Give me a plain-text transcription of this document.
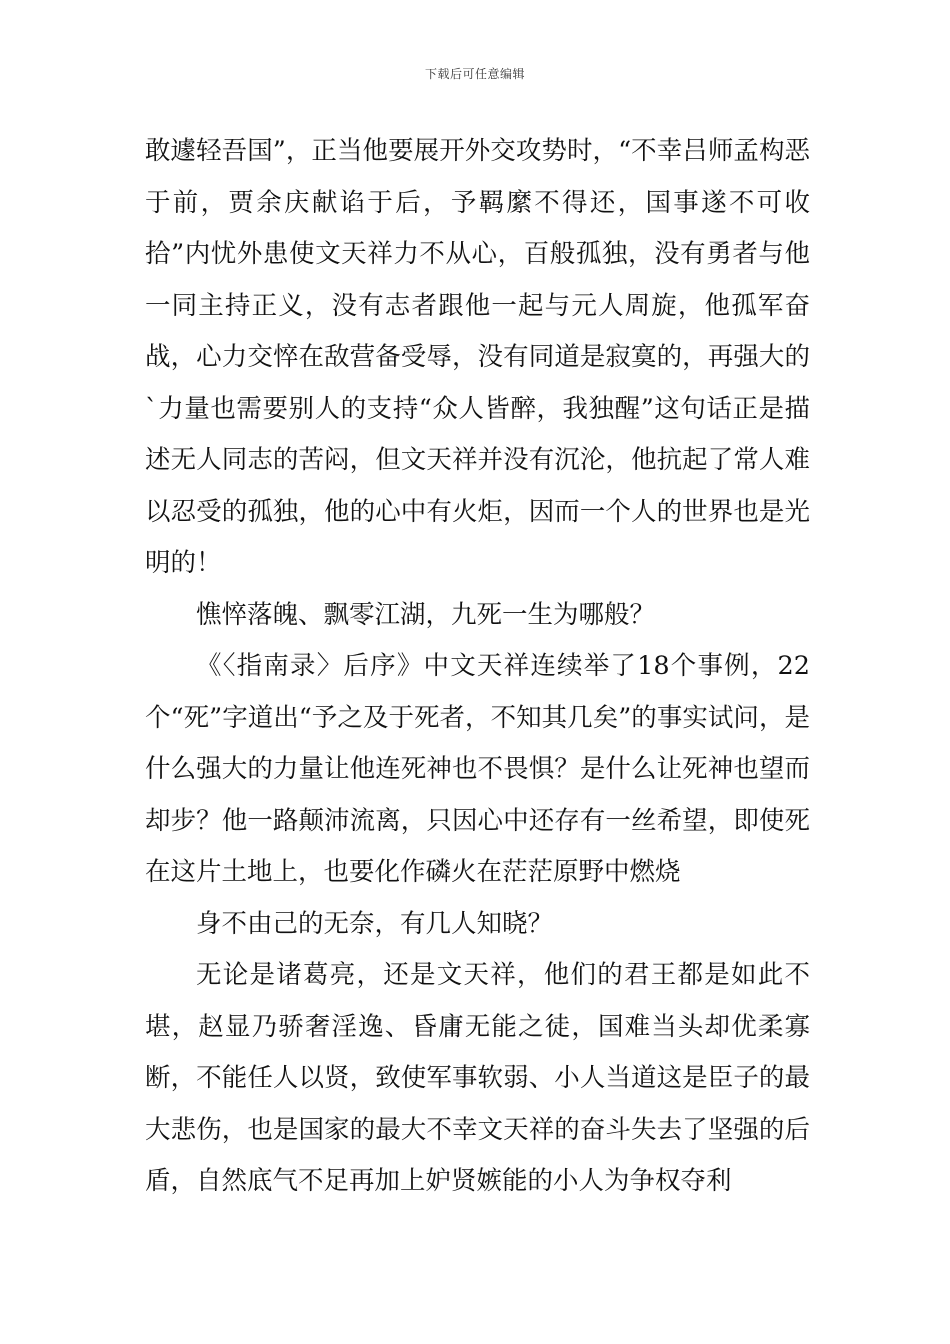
下载后可任意编辑

敢遽轻吾国”，正当他要展开外交攻势时，“不幸吕师孟构恶于前，贾余庆献谄于后，予羁縻不得还，国事遂不可收拾”内忧外患使文天祥力不从心，百般孤独，没有勇者与他一同主持正义，没有志者跟他一起与元人周旋，他孤军奋战，心力交悴在敌营备受辱，没有同道是寂寞的，再强大的`力量也需要别人的支持“众人皆醉，我独醒”这句话正是描述无人同志的苦闷，但文天祥并没有沉沦，他抗起了常人难以忍受的孤独，他的心中有火炬，因而一个人的世界也是光明的！

憔悴落魄、飘零江湖，九死一生为哪般？

《〈指南录〉后序》中文天祥连续举了18个事例，22个“死”字道出“予之及于死者，不知其几矣”的事实试问，是什么强大的力量让他连死神也不畏惧？是什么让死神也望而却步？他一路颠沛流离，只因心中还存有一丝希望，即使死在这片土地上，也要化作磷火在茫茫原野中燃烧

身不由己的无奈，有几人知晓？

无论是诸葛亮，还是文天祥，他们的君王都是如此不堪，赵显乃骄奢淫逸、昏庸无能之徒，国难当头却优柔寡断，不能任人以贤，致使军事软弱、小人当道这是臣子的最大悲伤，也是国家的最大不幸文天祥的奋斗失去了坚强的后盾，自然底气不足再加上妒贤嫉能的小人为争权夺利
